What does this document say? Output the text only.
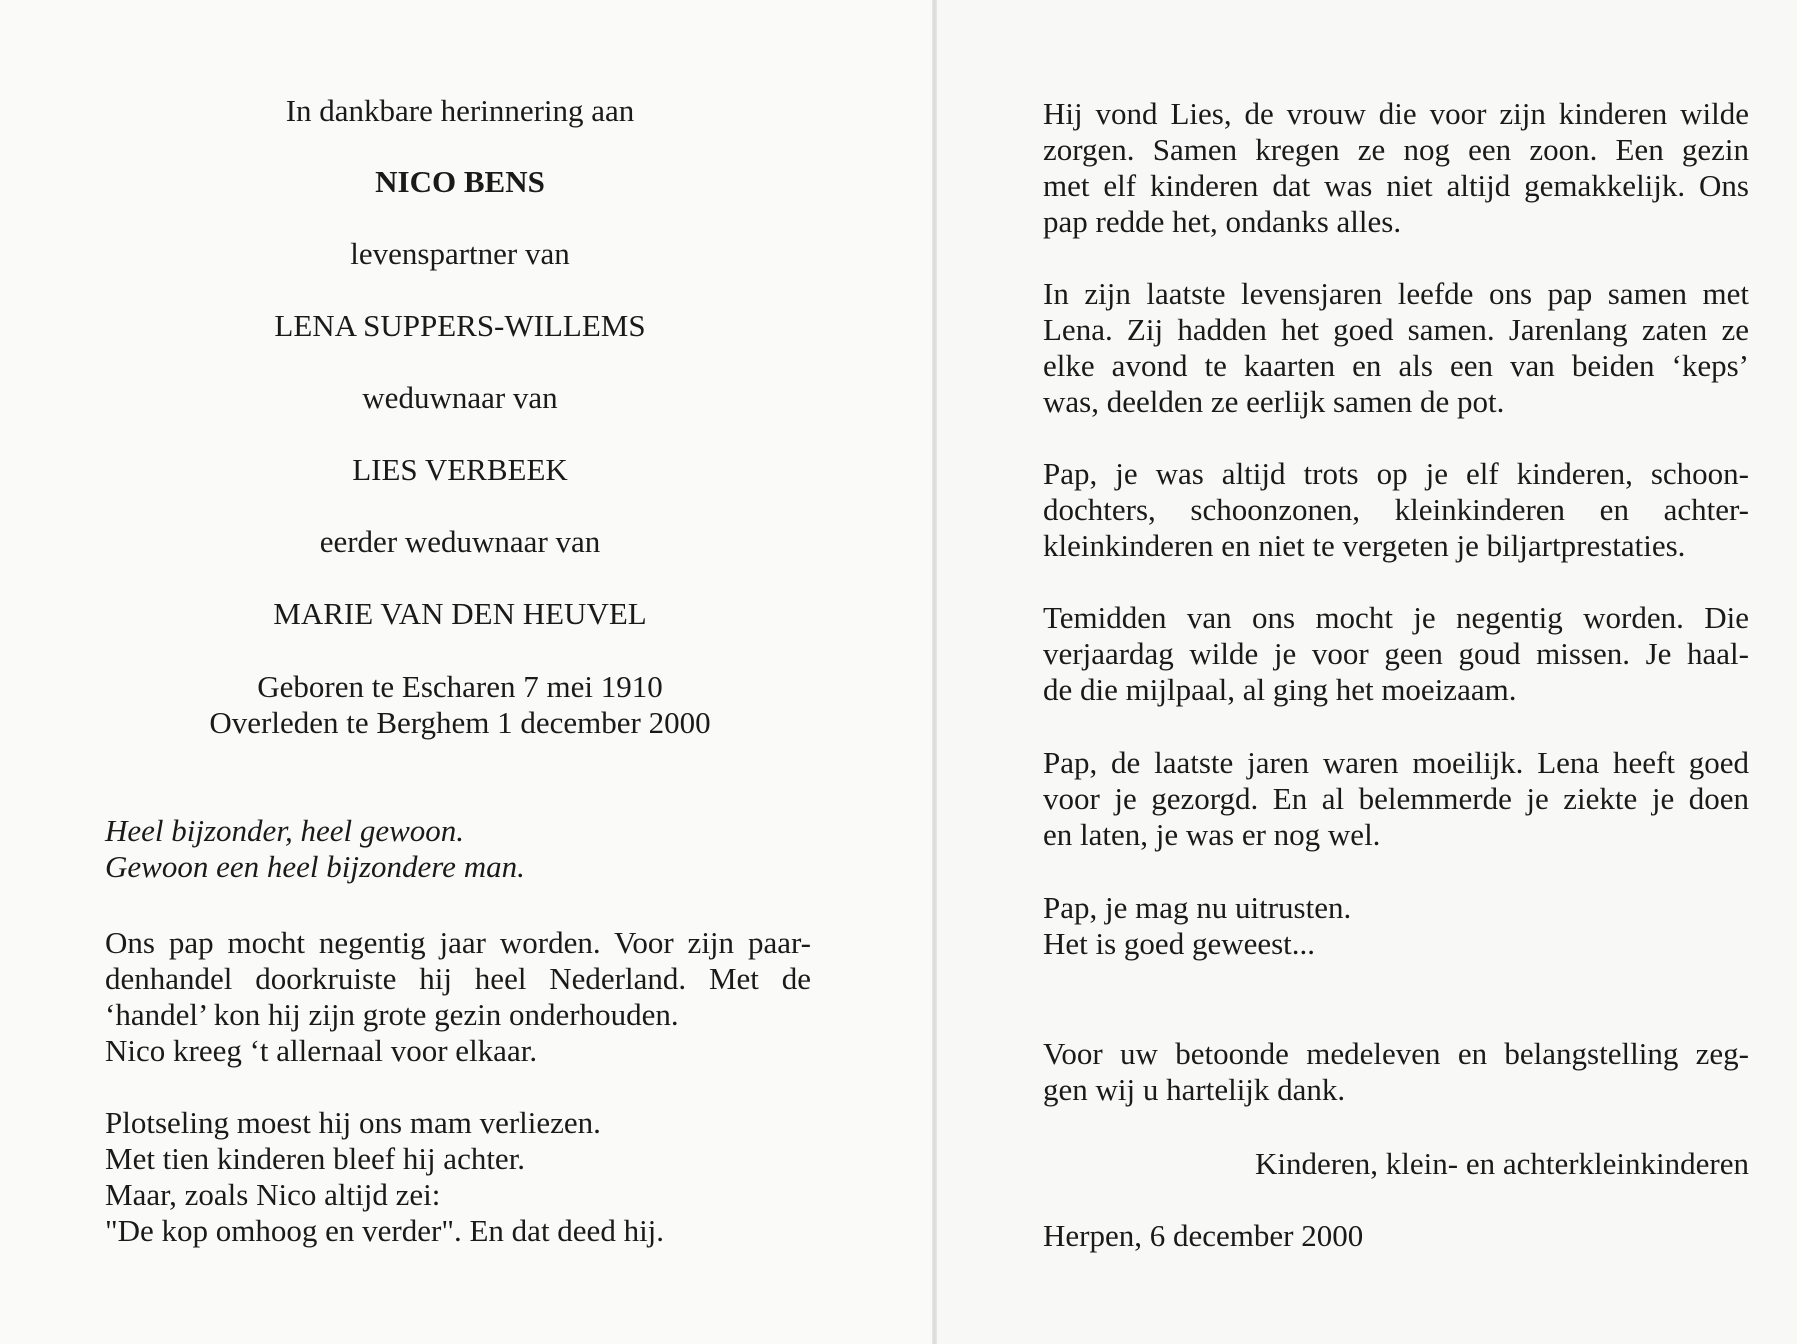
In dankbare herinnering aan
NICO BENS
levenspartner van
LENA SUPPERS-WILLEMS
weduwnaar van
LIES VERBEEK
eerder weduwnaar van
MARIE VAN DEN HEUVEL
Geboren te Escharen 7 mei 1910
Overleden te Berghem 1 december 2000
Heel bijzonder, heel gewoon.
Gewoon een heel bijzondere man.
Ons pap mocht negentig jaar worden. Voor zijn paar-
denhandel doorkruiste hij heel Nederland. Met de
‘handel’ kon hij zijn grote gezin onderhouden.
Nico kreeg ‘t allernaal voor elkaar.
Plotseling moest hij ons mam verliezen.
Met tien kinderen bleef hij achter.
Maar, zoals Nico altijd zei:
"De kop omhoog en verder". En dat deed hij.
Hij vond Lies, de vrouw die voor zijn kinderen wilde
zorgen. Samen kregen ze nog een zoon. Een gezin
met elf kinderen dat was niet altijd gemakkelijk. Ons
pap redde het, ondanks alles.
In zijn laatste levensjaren leefde ons pap samen met
Lena. Zij hadden het goed samen. Jarenlang zaten ze
elke avond te kaarten en als een van beiden ‘keps’
was, deelden ze eerlijk samen de pot.
Pap, je was altijd trots op je elf kinderen, schoon-
dochters, schoonzonen, kleinkinderen en achter-
kleinkinderen en niet te vergeten je biljartprestaties.
Temidden van ons mocht je negentig worden. Die
verjaardag wilde je voor geen goud missen. Je haal-
de die mijlpaal, al ging het moeizaam.
Pap, de laatste jaren waren moeilijk. Lena heeft goed
voor je gezorgd. En al belemmerde je ziekte je doen
en laten, je was er nog wel.
Pap, je mag nu uitrusten.
Het is goed geweest...
Voor uw betoonde medeleven en belangstelling zeg-
gen wij u hartelijk dank.
Kinderen, klein- en achterkleinkinderen
Herpen, 6 december 2000
